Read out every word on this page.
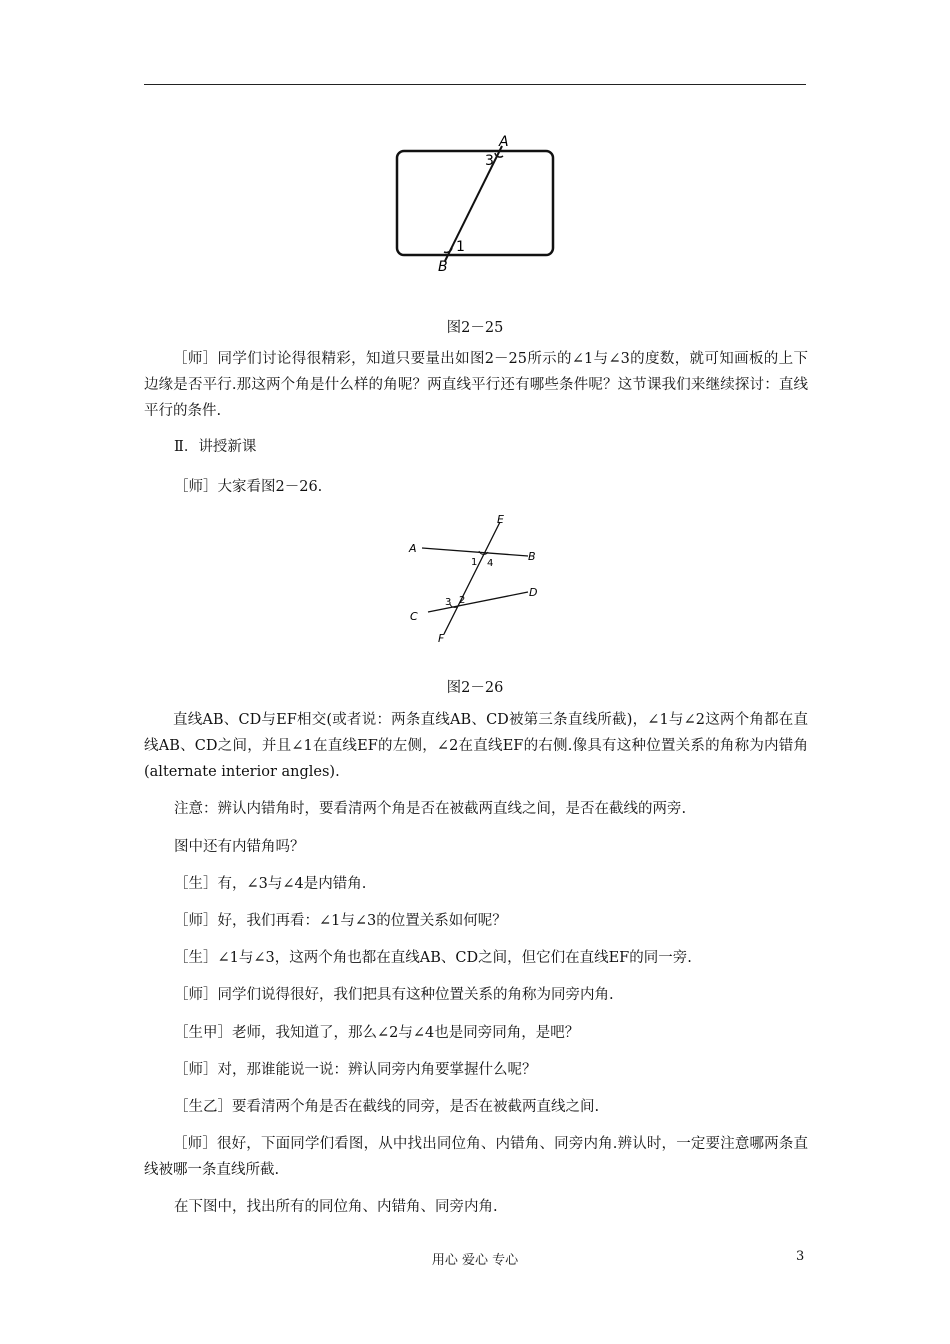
A
3
1
B
图2－25

［师］同学们讨论得很精彩，知道只要量出如图2－25所示的∠1与∠3的度数，就可知画板的上下边缘是否平行.那这两个角是什么样的角呢？两直线平行还有哪些条件呢？这节课我们来继续探讨：直线平行的条件.

Ⅱ．讲授新课

［师］大家看图2－26.

E
A
B
1 4
D
3 2
C
F
图2－26

直线AB、CD与EF相交(或者说：两条直线AB、CD被第三条直线所截)，∠1与∠2这两个角都在直线AB、CD之间，并且∠1在直线EF的左侧，∠2在直线EF的右侧.像具有这种位置关系的角称为内错角(alternate interior angles).

注意：辨认内错角时，要看清两个角是否在被截两直线之间，是否在截线的两旁.

图中还有内错角吗？

［生］有，∠3与∠4是内错角.

［师］好，我们再看：∠1与∠3的位置关系如何呢？

［生］∠1与∠3，这两个角也都在直线AB、CD之间，但它们在直线EF的同一旁.

［师］同学们说得很好，我们把具有这种位置关系的角称为同旁内角.

［生甲］老师，我知道了，那么∠2与∠4也是同旁同角，是吧？

［师］对，那谁能说一说：辨认同旁内角要掌握什么呢？

［生乙］要看清两个角是否在截线的同旁，是否在被截两直线之间.

［师］很好，下面同学们看图，从中找出同位角、内错角、同旁内角.辨认时，一定要注意哪两条直线被哪一条直线所截.

在下图中，找出所有的同位角、内错角、同旁内角.

用心 爱心 专心	3
